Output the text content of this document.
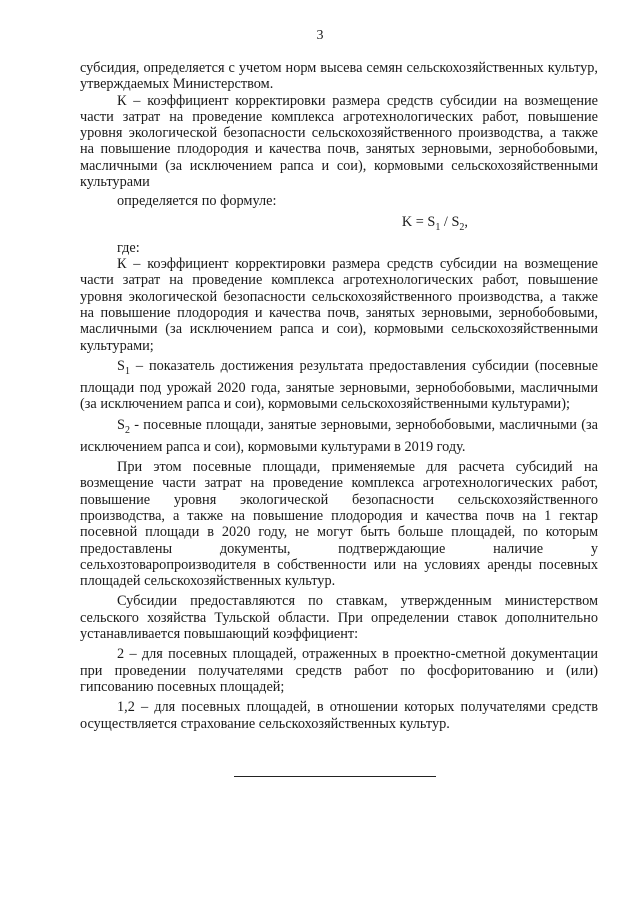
3

субсидия, определяется с учетом норм высева семян сельскохозяйственных культур, утверждаемых Министерством.

К – коэффициент корректировки размера средств субсидии на возмещение части затрат на проведение комплекса агротехнологических работ, повышение уровня экологической безопасности сельскохозяйственного производства, а также на повышение плодородия и качества почв, занятых зерновыми, зернобобовыми, масличными (за исключением рапса и сои), кормовыми сельскохозяйственными культурами

определяется по формуле:

$K = S_1 / S_2$,

где:

К – коэффициент корректировки размера средств субсидии на возмещение части затрат на проведение комплекса агротехнологических работ, повышение уровня экологической безопасности сельскохозяйственного производства, а также на повышение плодородия и качества почв, занятых зерновыми, зернобобовыми, масличными (за исключением рапса и сои), кормовыми сельскохозяйственными культурами;

$S_1$ – показатель достижения результата предоставления субсидии (посевные площади под урожай 2020 года, занятые зерновыми, зернобобовыми, масличными (за исключением рапса и сои), кормовыми сельскохозяйственными культурами);

$S_2$ - посевные площади, занятые зерновыми, зернобобовыми, масличными (за исключением рапса и сои), кормовыми культурами в 2019 году.

При этом посевные площади, применяемые для расчета субсидий на возмещение части затрат на проведение комплекса агротехнологических работ, повышение уровня экологической безопасности сельскохозяйственного производства, а также на повышение плодородия и качества почв на 1 гектар посевной площади в 2020 году, не могут быть больше площадей, по которым предоставлены документы, подтверждающие наличие у сельхозтоваропроизводителя в собственности или на условиях аренды посевных площадей сельскохозяйственных культур.

Субсидии предоставляются по ставкам, утвержденным министерством сельского хозяйства Тульской области. При определении ставок дополнительно устанавливается повышающий коэффициент:

2 – для посевных площадей, отраженных в проектно-сметной документации при проведении получателями средств работ по фосфоритованию и (или) гипсованию посевных площадей;

1,2 – для посевных площадей, в отношении которых получателями средств осуществляется страхование сельскохозяйственных культур.
